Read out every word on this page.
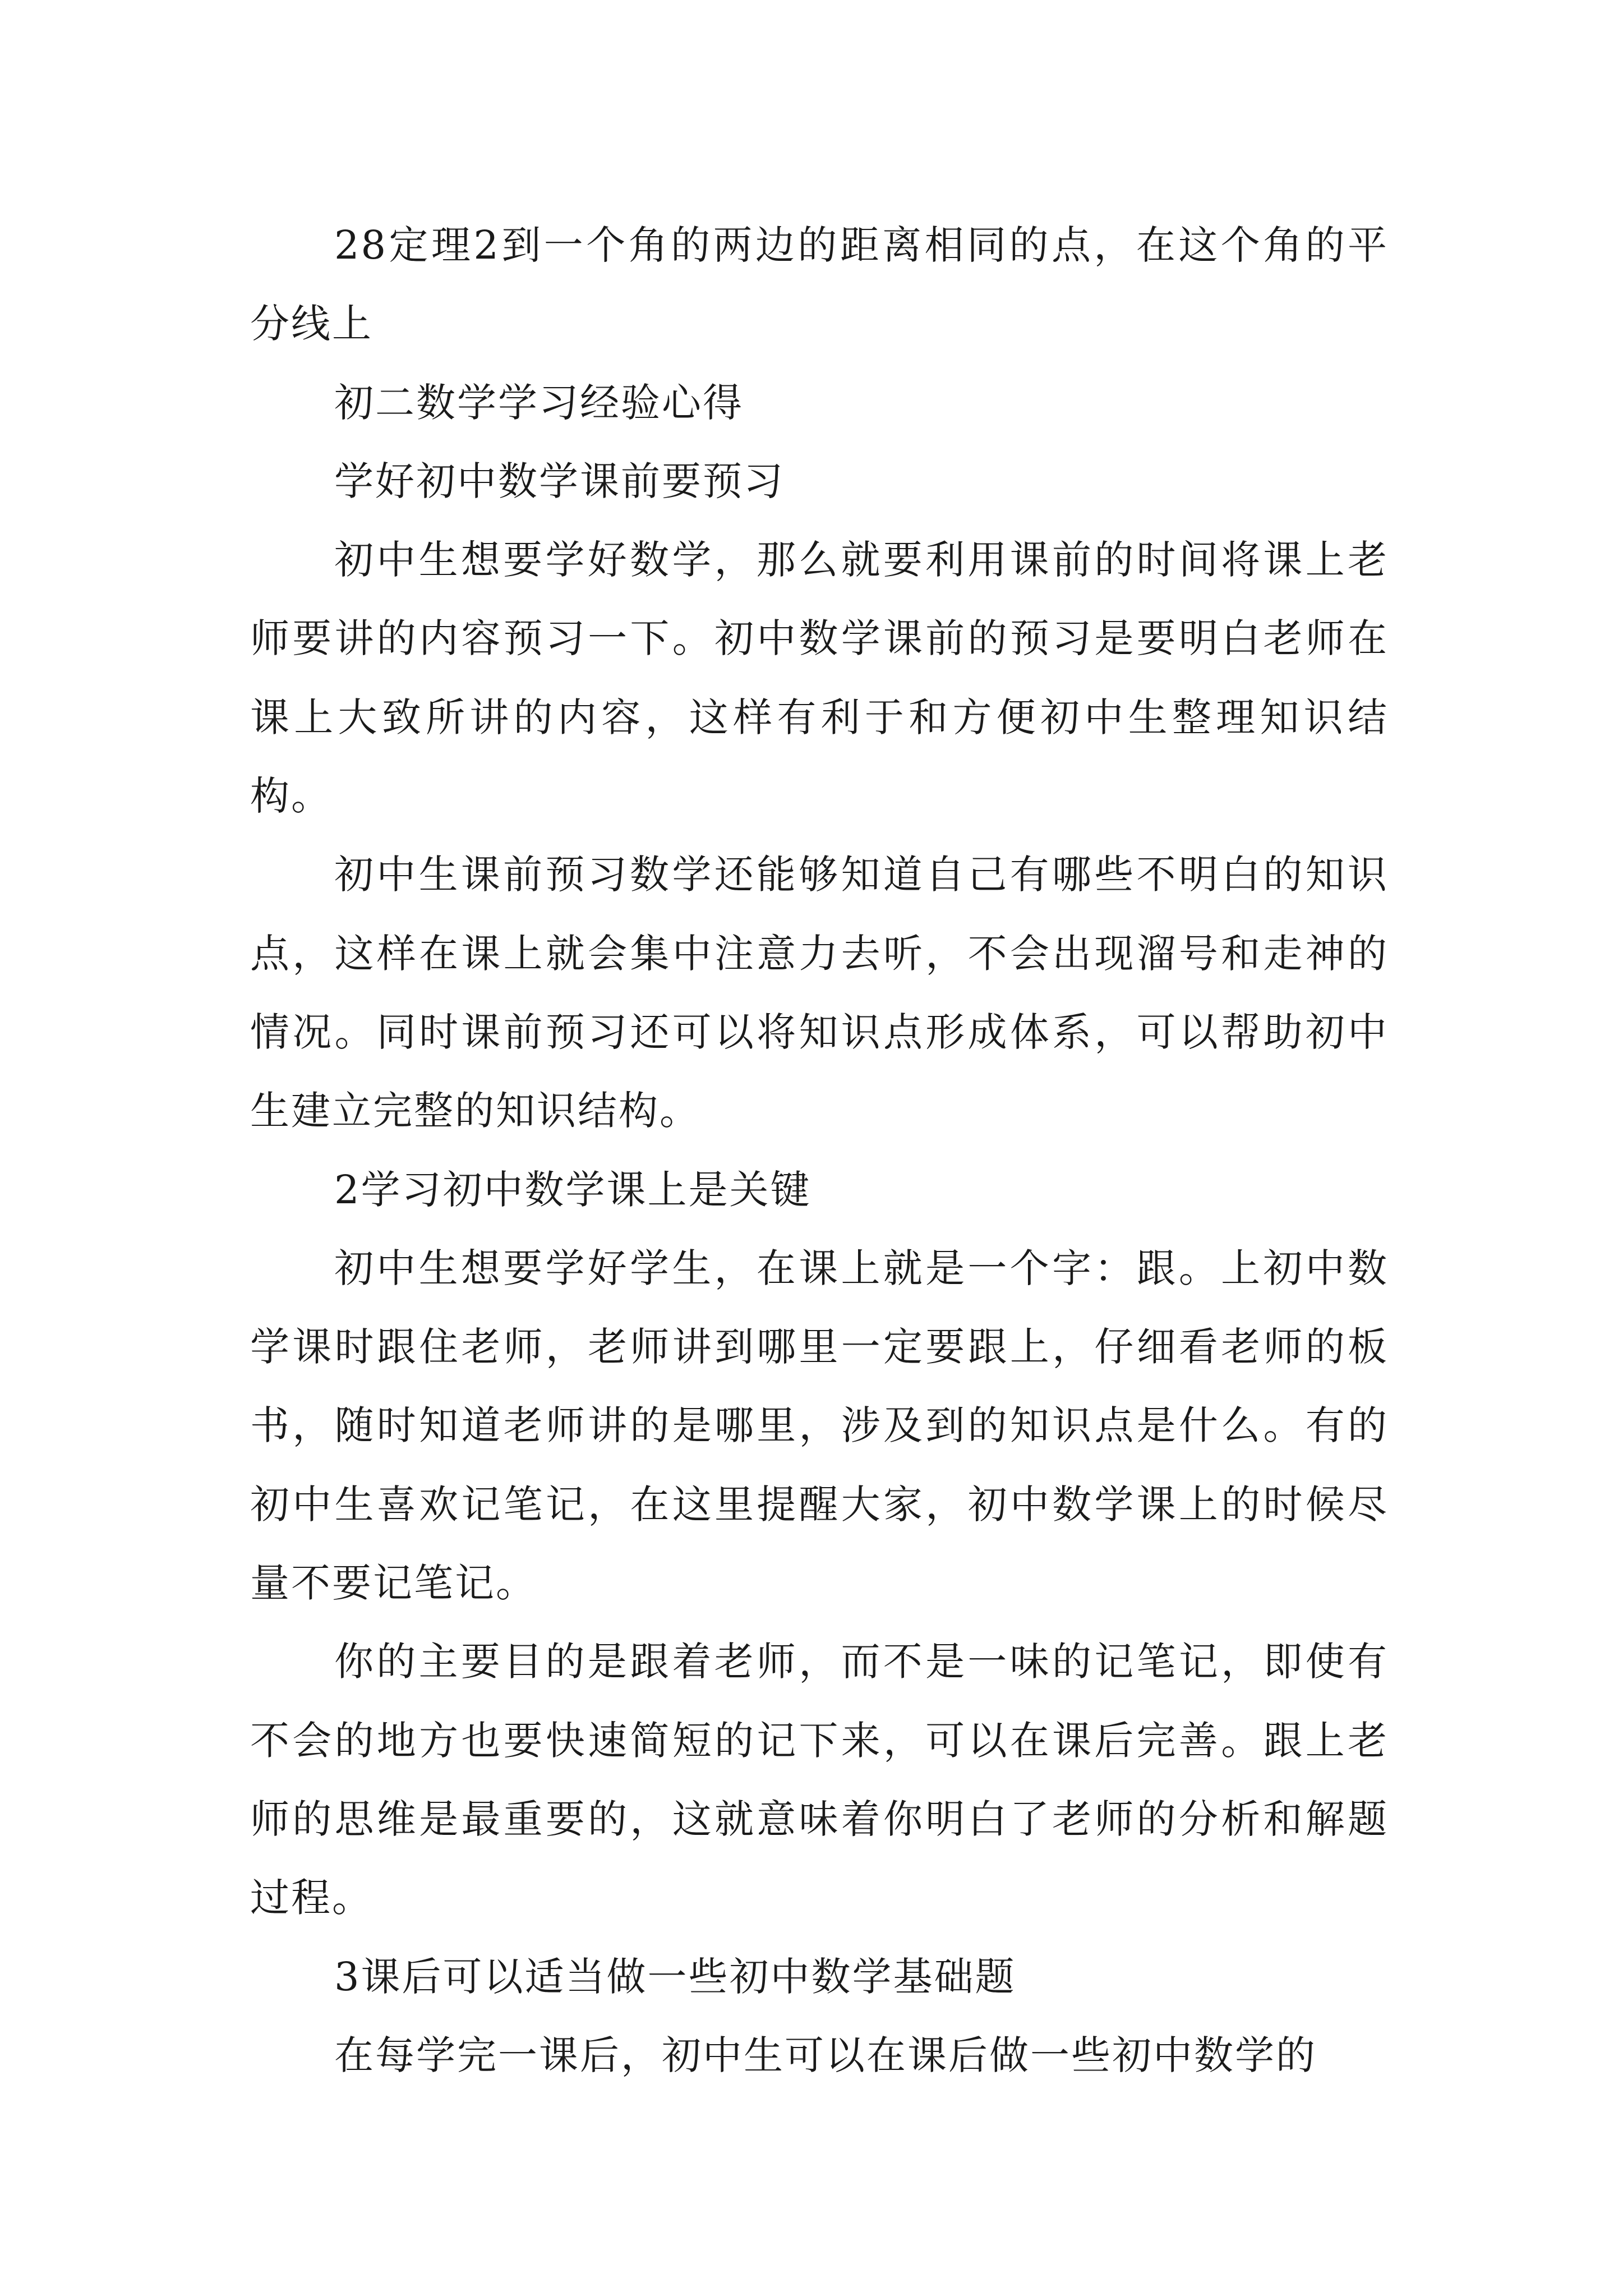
28定理2到一个角的两边的距离相同的点，在这个角的平分线上

初二数学学习经验心得

学好初中数学课前要预习

初中生想要学好数学，那么就要利用课前的时间将课上老师要讲的内容预习一下。初中数学课前的预习是要明白老师在课上大致所讲的内容，这样有利于和方便初中生整理知识结构。

初中生课前预习数学还能够知道自己有哪些不明白的知识点，这样在课上就会集中注意力去听，不会出现溜号和走神的情况。同时课前预习还可以将知识点形成体系，可以帮助初中生建立完整的知识结构。

2学习初中数学课上是关键

初中生想要学好学生，在课上就是一个字：跟。上初中数学课时跟住老师，老师讲到哪里一定要跟上，仔细看老师的板书，随时知道老师讲的是哪里，涉及到的知识点是什么。有的初中生喜欢记笔记，在这里提醒大家，初中数学课上的时候尽量不要记笔记。

你的主要目的是跟着老师，而不是一味的记笔记，即使有不会的地方也要快速简短的记下来，可以在课后完善。跟上老师的思维是最重要的，这就意味着你明白了老师的分析和解题过程。

3课后可以适当做一些初中数学基础题

在每学完一课后，初中生可以在课后做一些初中数学的
